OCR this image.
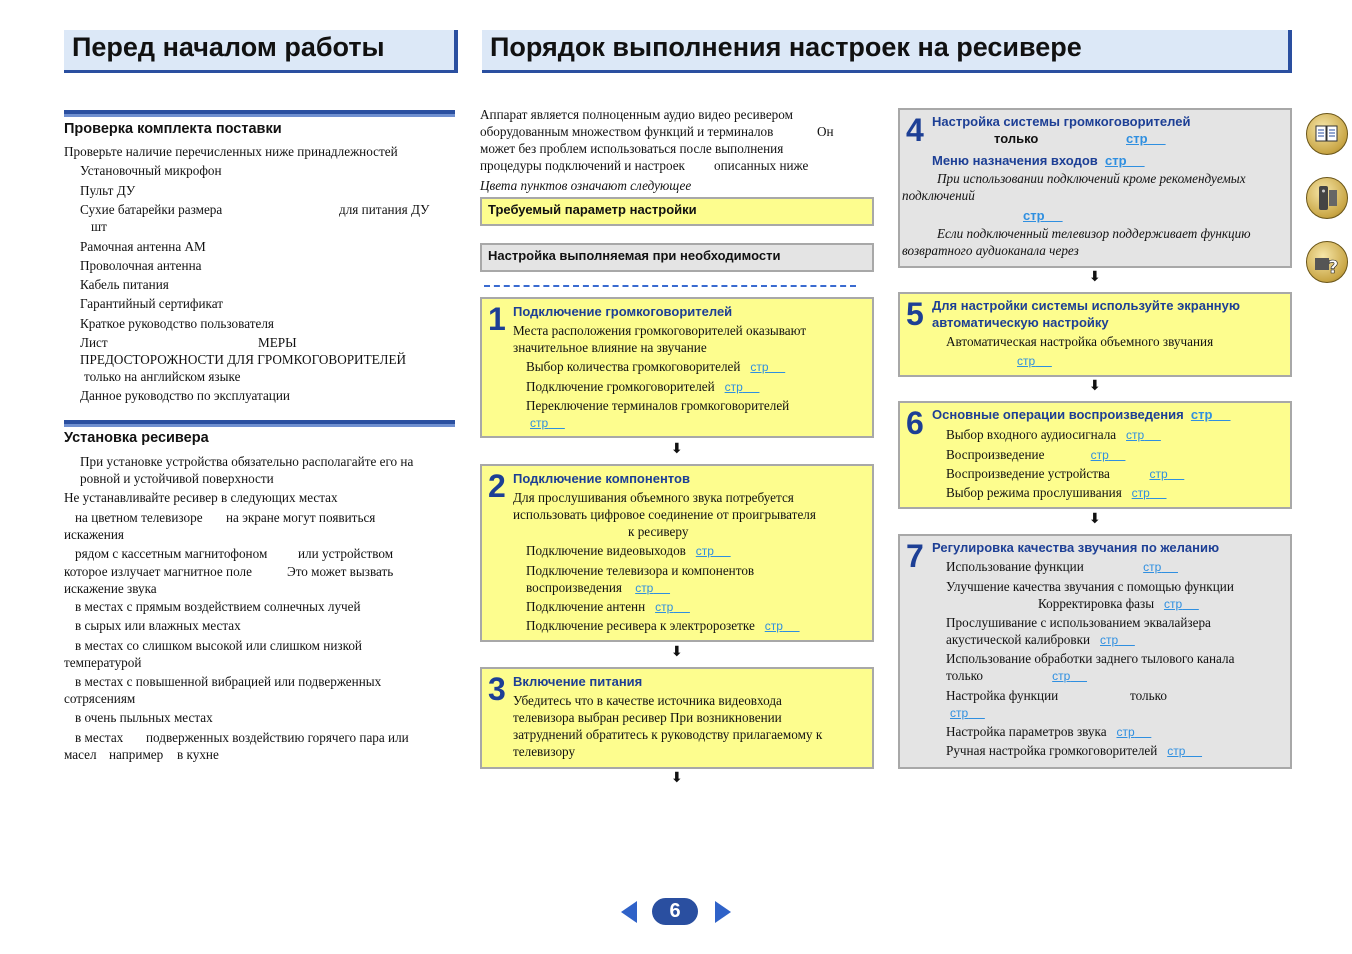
Перед началом работы	Порядок выполнения настроек на ресивере
Проверка комплекта поставки
Проверьте наличие перечисленных ниже принадлежностей
Установочный микрофон
Пульт ДУ
Сухие батарейки размера	для питания ДУ
шт
Рамочная антенна AM
Проволочная антенна
Кабель питания
Гарантийный сертификат
Краткое руководство пользователя
Лист	МЕРЫ
ПРЕДОСТОРОЖНОСТИ ДЛЯ ГРОМКОГОВОРИТЕЛЕЙ
только на английском языке
Данное руководство по эксплуатации
Установка ресивера
При установке устройства обязательно располагайте его на
ровной и устойчивой поверхности
Не устанавливайте ресивер в следующих местах
на цветном телевизоре на экране могут появиться
искажения
рядом с кассетным магнитофоном или устройством
которое излучает магнитное поле	Это может вызвать
искажение звука
в местах с прямым воздействием солнечных лучей
в сырых или влажных местах
в местах со слишком высокой или слишком низкой
температурой
в местах с повышенной вибрацией или подверженных
сотрясениям
в очень пыльных местах
в местах подверженных воздействию горячего пара или
масел например в кухне
Аппарат является полноценным аудио видео ресивером
оборудованным множеством функций и терминалов	Он
может без проблем использоваться после выполнения
процедуры подключений и настроек описанных ниже
Цвета пунктов означают следующее
Требуемый параметр настройки
Настройка выполняемая при необходимости
1 Подключение громкоговорителей
Места расположения громкоговорителей оказывают
значительное влияние на звучание
Выбор количества громкоговорителей стр
Подключение громкоговорителей стр
Переключение терминалов громкоговорителей
стр
⬇
2 Подключение компонентов
Для прослушивания объемного звука потребуется
использовать цифровое соединение от проигрывателя
к ресиверу
Подключение видеовыходов стр
Подключение телевизора и компонентов
воспроизведения стр
Подключение антенн стр
Подключение ресивера к электророзетке стр
⬇
3 Включение питания
Убедитесь что в качестве источника видеовхода
телевизора выбран ресивер При возникновении
затруднений обратитесь к руководству прилагаемому к
телевизору
⬇
4 Настройка системы громкоговорителей
только	стр
Меню назначения входов стр
При использовании подключений кроме рекомендуемых
подключений
стр
Если подключенный телевизор поддерживает функцию
возвратного аудиоканала через
⬇
5 Для настройки системы используйте экранную
автоматическую настройку
Автоматическая настройка объемного звучания
стр
⬇
6 Основные операции воспроизведения стр
Выбор входного аудиосигнала стр
Воспроизведение	стр
Воспроизведение устройства	стр
Выбор режима прослушивания стр
⬇
7 Регулировка качества звучания по желанию
Использование функции	стр
Улучшение качества звучания с помощью функции
Корректировка фазы стр
Прослушивание с использованием эквалайзера
акустической калибровки стр
Использование обработки заднего тылового канала
только	стр
Настройка функции	только
стр
Настройка параметров звука стр
Ручная настройка громкоговорителей стр
?
6
